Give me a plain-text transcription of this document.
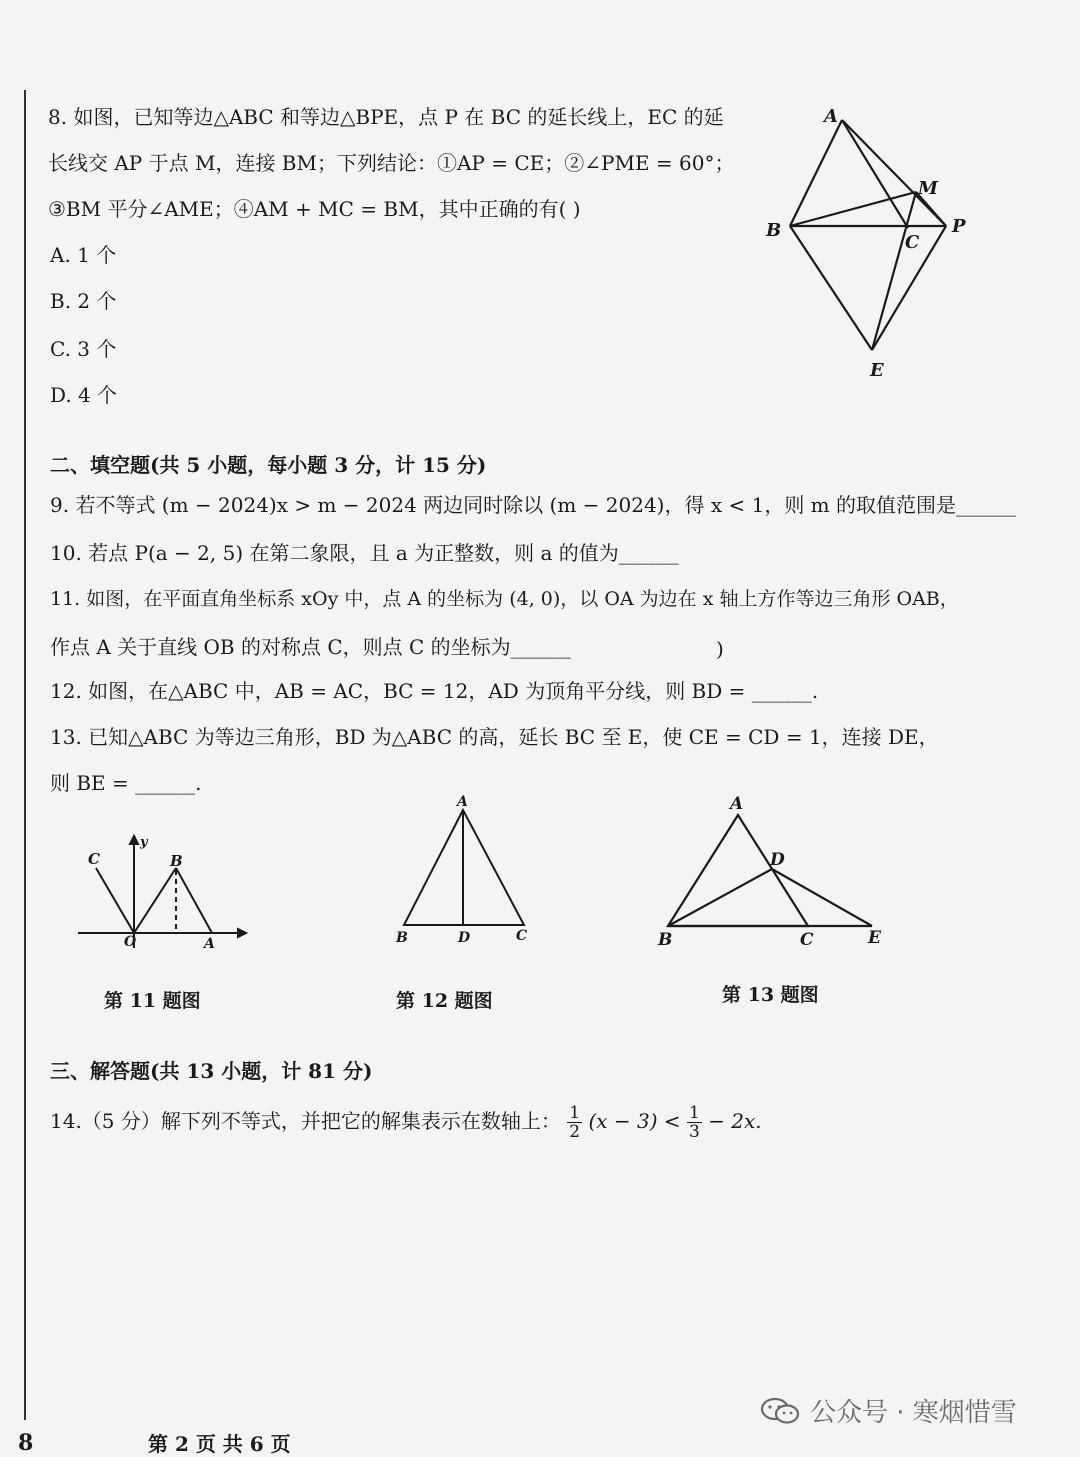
8. 如图，已知等边△ABC 和等边△BPE，点 P 在 BC 的延长线上，EC 的延
长线交 AP 于点 M，连接 BM；下列结论：①AP = CE；②∠PME = 60°；
③BM 平分∠AME；④AM + MC = BM，其中正确的有( )
A. 1 个
B. 2 个
C. 3 个
D. 4 个
A
M
B
C
P
E
二、填空题(共 5 小题，每小题 3 分，计 15 分)
9. 若不等式 (m − 2024)x > m − 2024 两边同时除以 (m − 2024)，得 x < 1，则 m 的取值范围是______
10. 若点 P(a − 2, 5) 在第二象限，且 a 为正整数，则 a 的值为______
11. 如图，在平面直角坐标系 xOy 中，点 A 的坐标为 (4, 0)，以 OA 为边在 x 轴上方作等边三角形 OAB，
作点 A 关于直线 OB 的对称点 C，则点 C 的坐标为______	)
12. 如图，在△ABC 中，AB = AC，BC = 12，AD 为顶角平分线，则 BD = ______.
13. 已知△ABC 为等边三角形，BD 为△ABC 的高，延长 BC 至 E，使 CE = CD = 1，连接 DE，
则 BE = ______.
C
y
B
O	A
第 11 题图
A
B	D	C
第 12 题图
A
D
B	C	E
第 13 题图
三、解答题(共 13 小题，计 81 分)
14.（5 分）解下列不等式，并把它的解集表示在数轴上： $\frac{1}{2} (x - 3) < \frac{1}{3} - 2x$.
8	第 2 页 共 6 页
公众号 · 寒烟惜雪
